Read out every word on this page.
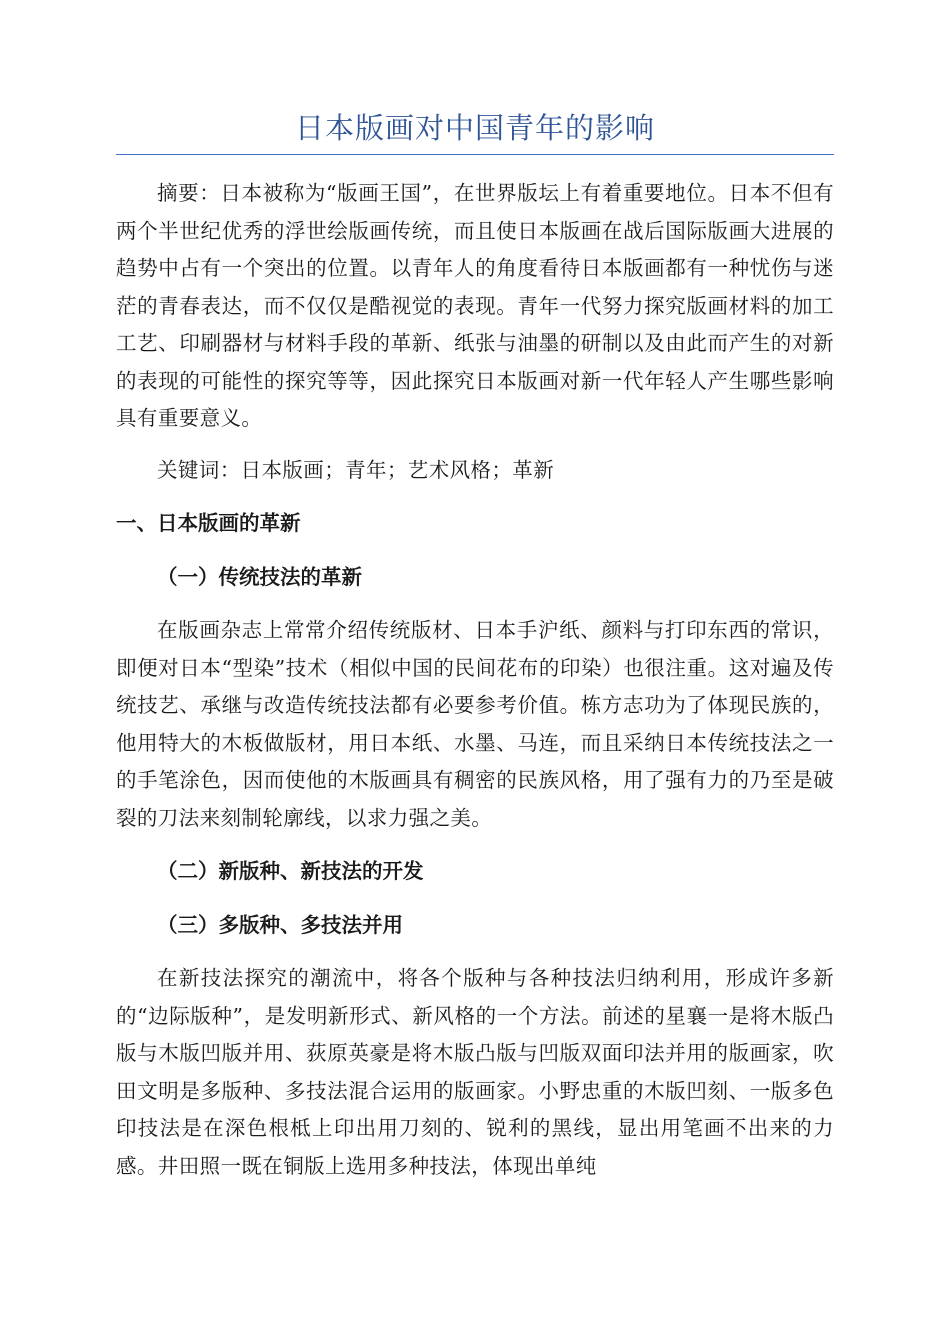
日本版画对中国青年的影响

摘要：日本被称为“版画王国”，在世界版坛上有着重要地位。日本不但有两个半世纪优秀的浮世绘版画传统，而且使日本版画在战后国际版画大进展的趋势中占有一个突出的位置。以青年人的角度看待日本版画都有一种忧伤与迷茫的青春表达，而不仅仅是酷视觉的表现。青年一代努力探究版画材料的加工工艺、印刷器材与材料手段的革新、纸张与油墨的研制以及由此而产生的对新的表现的可能性的探究等等，因此探究日本版画对新一代年轻人产生哪些影响具有重要意义。

关键词：日本版画；青年；艺术风格；革新

一、日本版画的革新
（一）传统技法的革新

在版画杂志上常常介绍传统版材、日本手沪纸、颜料与打印东西的常识，即便对日本“型染”技术（相似中国的民间花布的印染）也很注重。这对遍及传统技艺、承继与改造传统技法都有必要参考价值。栋方志功为了体现民族的，他用特大的木板做版材，用日本纸、水墨、马连，而且采纳日本传统技法之一的手笔涂色，因而使他的木版画具有稠密的民族风格，用了强有力的乃至是破裂的刀法来刻制轮廓线，以求力强之美。

（二）新版种、新技法的开发
（三）多版种、多技法并用

在新技法探究的潮流中，将各个版种与各种技法归纳利用，形成许多新的“边际版种”，是发明新形式、新风格的一个方法。前述的星襄一是将木版凸版与木版凹版并用、荻原英豪是将木版凸版与凹版双面印法并用的版画家，吹田文明是多版种、多技法混合运用的版画家。小野忠重的木版凹刻、一版多色印技法是在深色根柢上印出用刀刻的、锐利的黑线，显出用笔画不出来的力感。井田照一既在铜版上选用多种技法，体现出单纯
